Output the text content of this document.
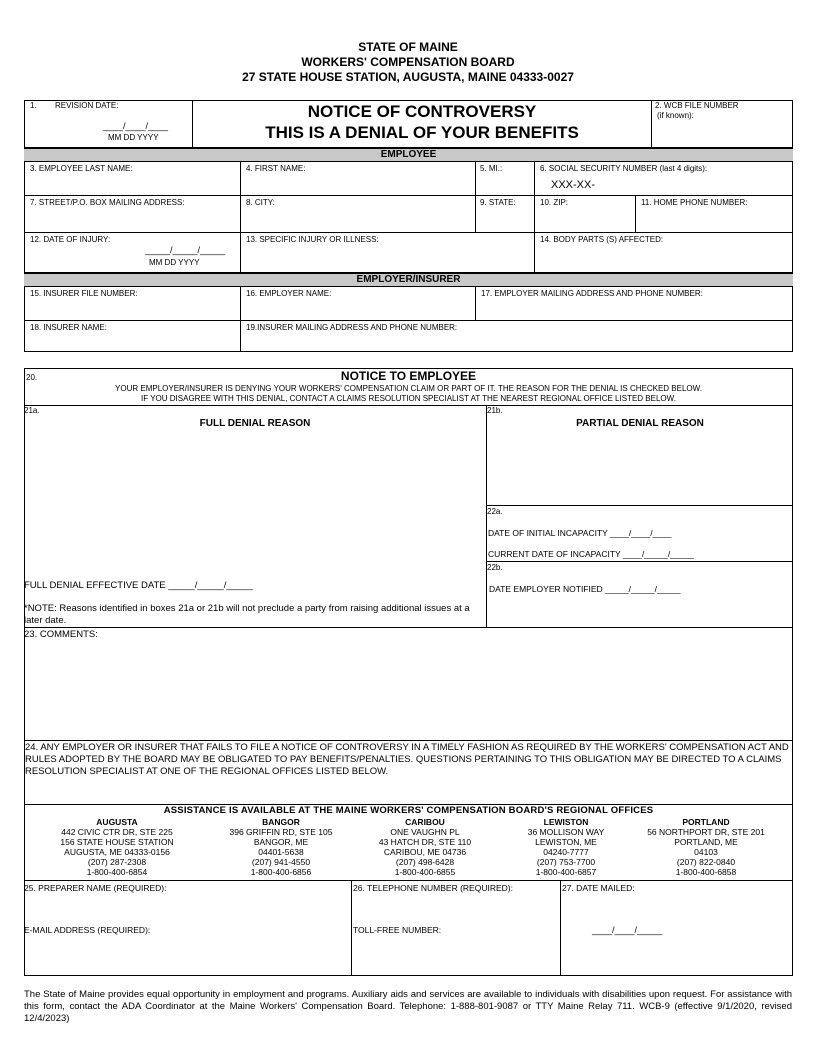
STATE OF MAINE
WORKERS' COMPENSATION BOARD
27 STATE HOUSE STATION, AUGUSTA, MAINE 04333-0027
1. REVISION DATE:
____/____/____
MM DD YYYY
NOTICE OF CONTROVERSY
THIS IS A DENIAL OF YOUR BENEFITS
2. WCB FILE NUMBER
(if known):
EMPLOYEE
3. EMPLOYEE LAST NAME:	4. FIRST NAME:	5. MI.:	6. SOCIAL SECURITY NUMBER (last 4 digits):
XXX-XX-
7. STREET/P.O. BOX MAILING ADDRESS:	8. CITY:	9. STATE:	10. ZIP:	11. HOME PHONE NUMBER:
12. DATE OF INJURY:
_____/_____/_____
MM DD YYYY
13. SPECIFIC INJURY OR ILLNESS:	14. BODY PARTS (S) AFFECTED:
EMPLOYER/INSURER
15. INSURER FILE NUMBER:	16. EMPLOYER NAME:	17. EMPLOYER MAILING ADDRESS AND PHONE NUMBER:
18. INSURER NAME:	19.INSURER MAILING ADDRESS AND PHONE NUMBER:
20.	NOTICE TO EMPLOYEE
YOUR EMPLOYER/INSURER IS DENYING YOUR WORKERS' COMPENSATION CLAIM OR PART OF IT. THE REASON FOR THE DENIAL IS CHECKED BELOW.
IF YOU DISAGREE WITH THIS DENIAL, CONTACT A CLAIMS RESOLUTION SPECIALIST AT THE NEAREST REGIONAL OFFICE LISTED BELOW.
21a.
FULL DENIAL REASON
21b.
PARTIAL DENIAL REASON
FULL DENIAL EFFECTIVE DATE _____/_____/_____
*NOTE: Reasons identified in boxes 21a or 21b will not preclude a party from raising additional issues at a later date.
22a.
DATE OF INITIAL INCAPACITY ____/____/____
CURRENT DATE OF INCAPACITY ____/_____/_____
22b.
DATE EMPLOYER NOTIFIED _____/_____/_____
23. COMMENTS:
24. ANY EMPLOYER OR INSURER THAT FAILS TO FILE A NOTICE OF CONTROVERSY IN A TIMELY FASHION AS REQUIRED BY THE WORKERS' COMPENSATION ACT AND RULES ADOPTED BY THE BOARD MAY BE OBLIGATED TO PAY BENEFITS/PENALTIES. QUESTIONS PERTAINING TO THIS OBLIGATION MAY BE DIRECTED TO A CLAIMS RESOLUTION SPECIALIST AT ONE OF THE REGIONAL OFFICES LISTED BELOW.
ASSISTANCE IS AVAILABLE AT THE MAINE WORKERS' COMPENSATION BOARD'S REGIONAL OFFICES
AUGUSTA
442 CIVIC CTR DR, STE 225
156 STATE HOUSE STATION
AUGUSTA, ME 04333-0156
(207) 287-2308
1-800-400-6854
BANGOR
396 GRIFFIN RD, STE 105
BANGOR, ME
04401-5638
(207) 941-4550
1-800-400-6856
CARIBOU
ONE VAUGHN PL
43 HATCH DR, STE 110
CARIBOU, ME 04736
(207) 498-6428
1-800-400-6855
LEWISTON
36 MOLLISON WAY
LEWISTON, ME
04240-7777
(207) 753-7700
1-800-400-6857
PORTLAND
56 NORTHPORT DR, STE 201
PORTLAND, ME
04103
(207) 822-0840
1-800-400-6858
25. PREPARER NAME (REQUIRED):	26. TELEPHONE NUMBER (REQUIRED):	27. DATE MAILED:
E-MAIL ADDRESS (REQUIRED):	TOLL-FREE NUMBER:	____/____/_____
The State of Maine provides equal opportunity in employment and programs. Auxiliary aids and services are available to individuals with disabilities upon request. For assistance with this form, contact the ADA Coordinator at the Maine Workers' Compensation Board. Telephone: 1-888-801-9087 or TTY Maine Relay 711. WCB-9 (effective 9/1/2020, revised 12/4/2023)
